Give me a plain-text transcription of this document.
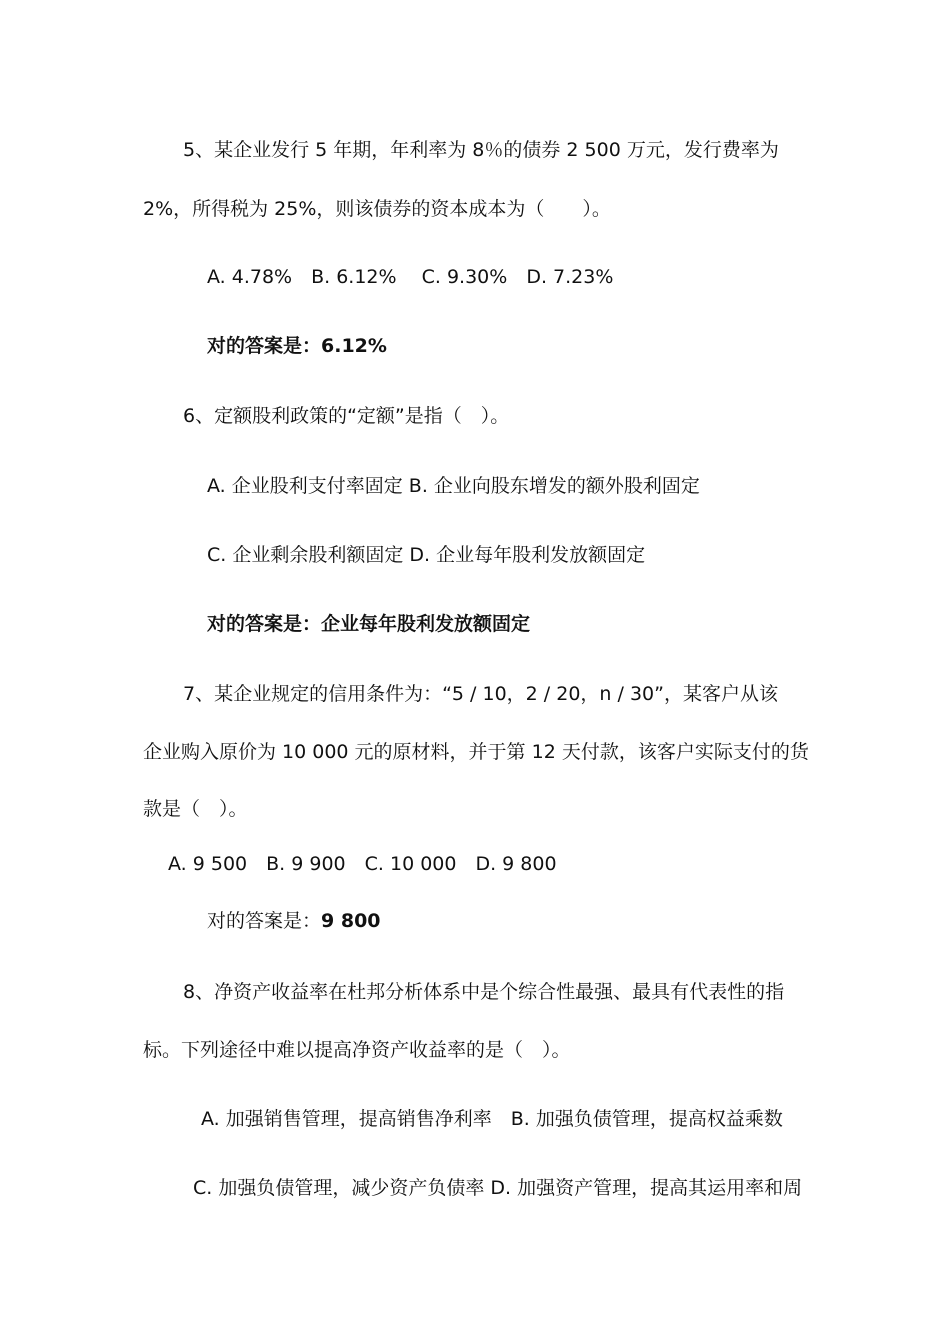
5、某企业发行 5 年期，年利率为 8％的债券 2 500 万元，发行费率为
2%，所得税为 25%，则该债券的资本成本为（　　）。
A. 4.78%　B. 6.12%　 C. 9.30%　D. 7.23%
对的答案是：6.12%
6、定额股利政策的“定额”是指（　）。
A. 企业股利支付率固定 B. 企业向股东增发的额外股利固定
C. 企业剩余股利额固定 D. 企业每年股利发放额固定
对的答案是：企业每年股利发放额固定
7、某企业规定的信用条件为：“5 / 10，2 / 20，n / 30”，某客户从该
企业购入原价为 10 000 元的原材料，并于第 12 天付款，该客户实际支付的货
款是（　）。
A. 9 500　B. 9 900　C. 10 000　D. 9 800
对的答案是：9 800
8、净资产收益率在杜邦分析体系中是个综合性最强、最具有代表性的指
标。下列途径中难以提高净资产收益率的是（　）。
A. 加强销售管理，提高销售净利率　B. 加强负债管理，提高权益乘数
C. 加强负债管理，减少资产负债率 D. 加强资产管理，提高其运用率和周
